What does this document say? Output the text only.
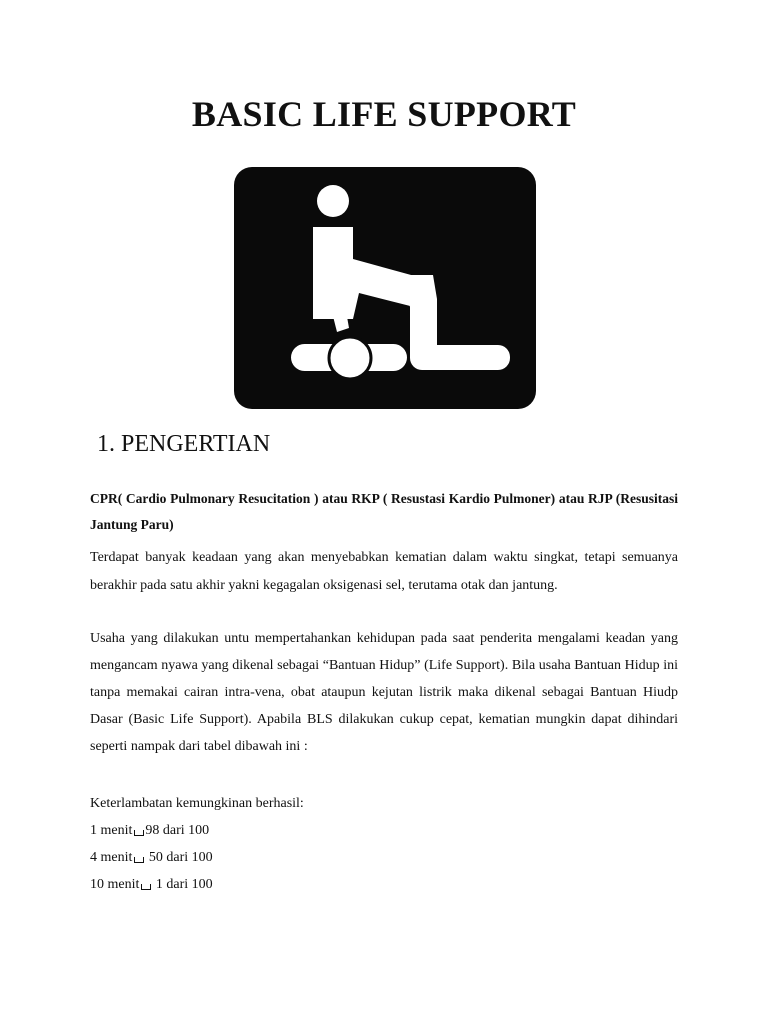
BASIC LIFE SUPPORT
1. PENGERTIAN

CPR( Cardio Pulmonary Resucitation ) atau RKP ( Resustasi Kardio Pulmoner) atau RJP (Resusitasi Jantung Paru)

Terdapat banyak keadaan yang akan menyebabkan kematian dalam waktu singkat, tetapi semuanya berakhir pada satu akhir yakni kegagalan oksigenasi sel, terutama otak dan jantung.

Usaha yang dilakukan untu mempertahankan kehidupan pada saat penderita mengalami keadan yang mengancam nyawa yang dikenal sebagai “Bantuan Hidup” (Life Support). Bila usaha Bantuan Hidup ini tanpa memakai cairan intra-vena, obat ataupun kejutan listrik maka dikenal sebagai Bantuan Hiudp Dasar (Basic Life Support). Apabila BLS dilakukan cukup cepat, kematian mungkin dapat dihindari seperti nampak dari tabel dibawah ini :

Keterlambatan kemungkinan berhasil:
1 menit 98 dari 100
4 menit 50 dari 100
10 menit 1 dari 100
